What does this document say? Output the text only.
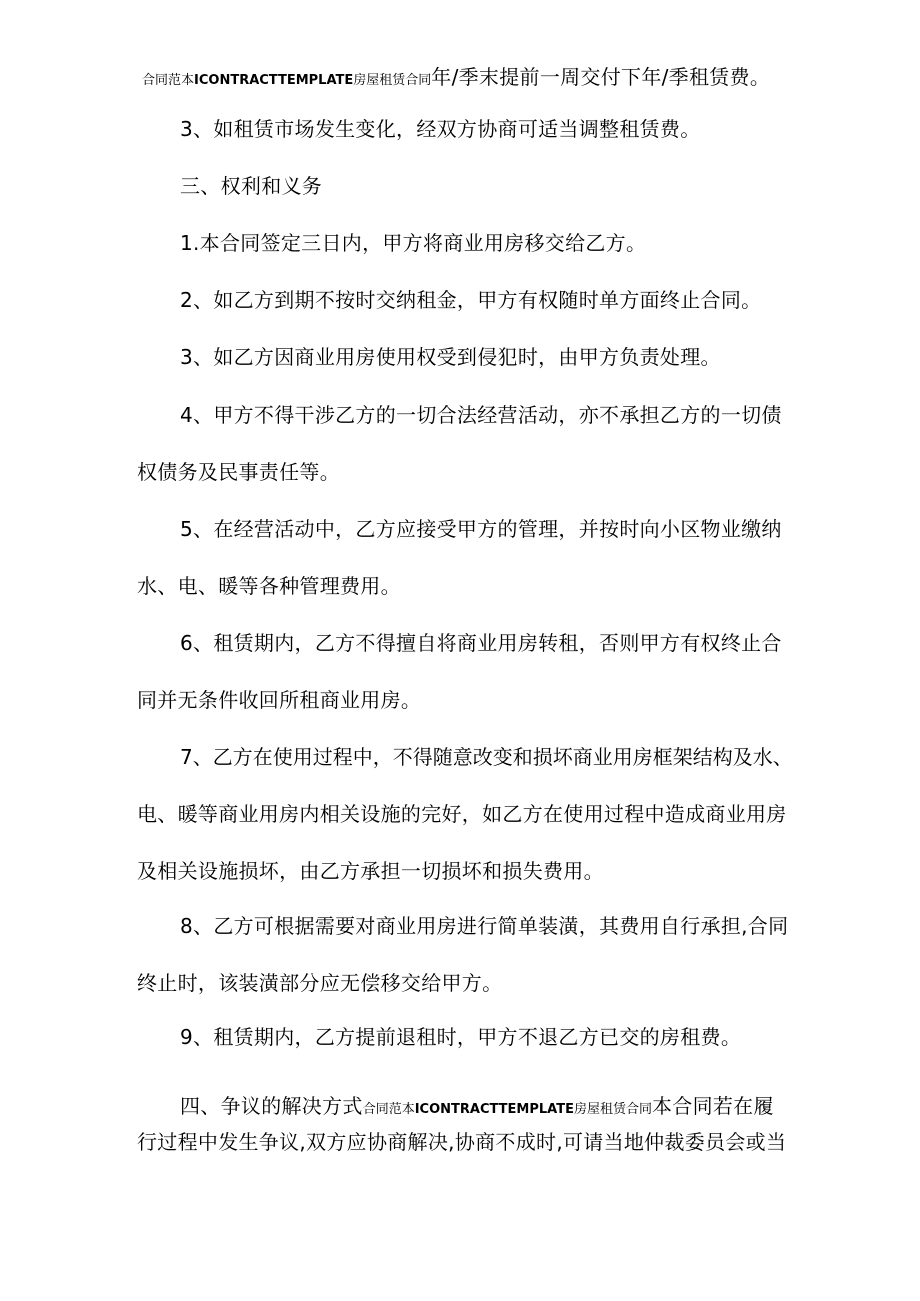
合同范本ICONTRACTTEMPLATE房屋租赁合同年/季末提前一周交付下年/季租赁费。
3、如租赁市场发生变化，经双方协商可适当调整租赁费。
三、权利和义务
1.本合同签定三日内，甲方将商业用房移交给乙方。
2、如乙方到期不按时交纳租金，甲方有权随时单方面终止合同。
3、如乙方因商业用房使用权受到侵犯时，由甲方负责处理。
4、甲方不得干涉乙方的一切合法经营活动，亦不承担乙方的一切债
权债务及民事责任等。
5、在经营活动中，乙方应接受甲方的管理，并按时向小区物业缴纳
水、电、暖等各种管理费用。
6、租赁期内，乙方不得擅自将商业用房转租，否则甲方有权终止合
同并无条件收回所租商业用房。
7、乙方在使用过程中，不得随意改变和损坏商业用房框架结构及水、
电、暖等商业用房内相关设施的完好，如乙方在使用过程中造成商业用房
及相关设施损坏，由乙方承担一切损坏和损失费用。
8、乙方可根据需要对商业用房进行简单装潢，其费用自行承担,合同
终止时，该装潢部分应无偿移交给甲方。
9、租赁期内，乙方提前退租时，甲方不退乙方已交的房租费。
四、争议的解决方式合同范本ICONTRACTTEMPLATE房屋租赁合同本合同若在履
行过程中发生争议,双方应协商解决,协商不成时,可请当地仲裁委员会或当
